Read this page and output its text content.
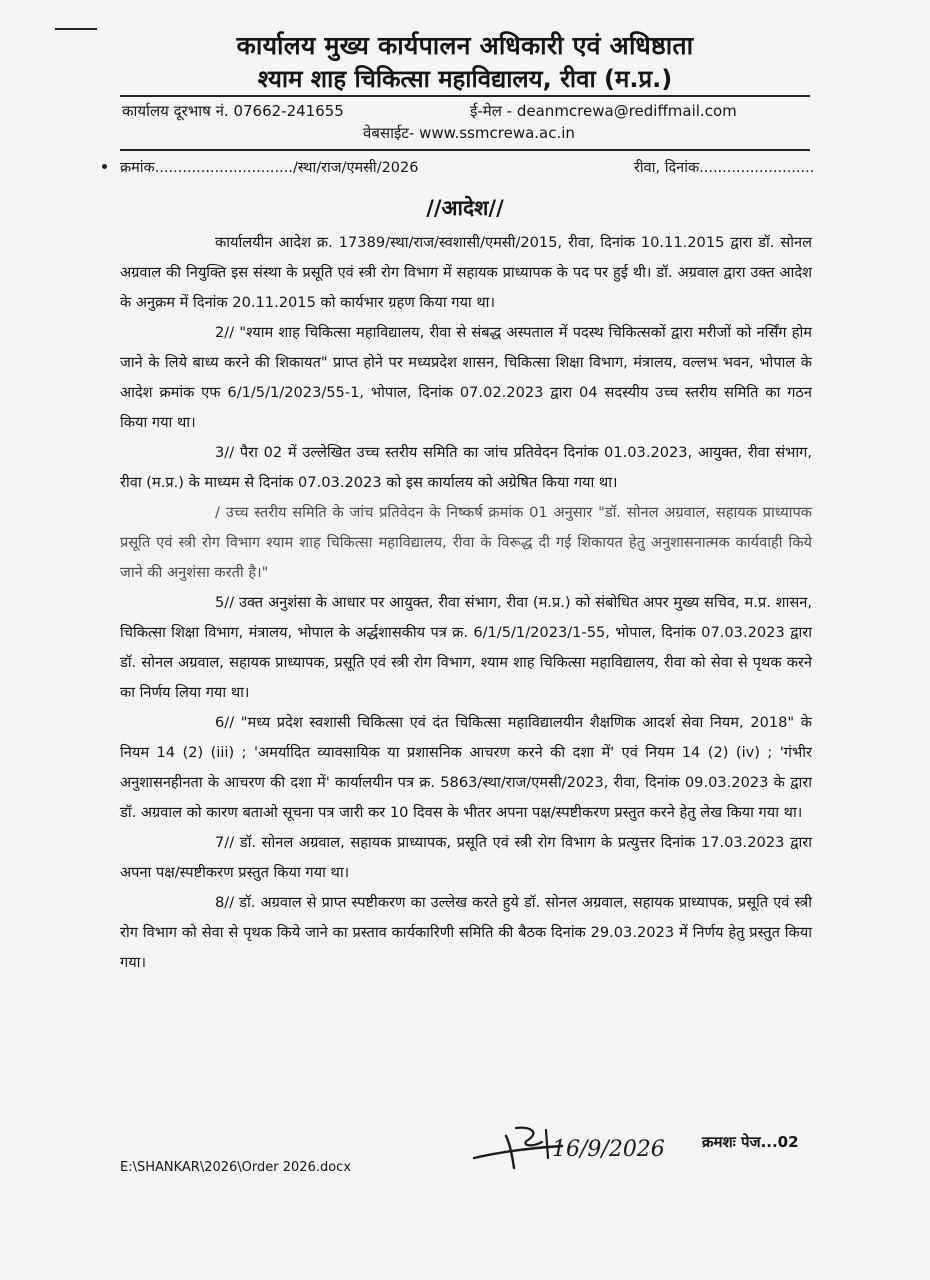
कार्यालय मुख्य कार्यपालन अधिकारी एवं अधिष्ठाता
श्याम शाह चिकित्सा महाविद्यालय, रीवा (म.प्र.)
कार्यालय दूरभाष नं. 07662-241655	ई-मेल - deanmcrewa@rediffmail.com
वेबसाईट- www.ssmcrewa.ac.in
क्रमांक............................../स्था/राज/एमसी/2026	रीवा, दिनांक.........................
//आदेश//

कार्यालयीन आदेश क्र. 17389/स्था/राज/स्वशासी/एमसी/2015, रीवा, दिनांक 10.11.2015 द्वारा डॉ. सोनल अग्रवाल की नियुक्ति इस संस्था के प्रसूति एवं स्त्री रोग विभाग में सहायक प्राध्यापक के पद पर हुई थी। डॉ. अग्रवाल द्वारा उक्त आदेश के अनुक्रम में दिनांक 20.11.2015 को कार्यभार ग्रहण किया गया था।

2// "श्याम शाह चिकित्सा महाविद्यालय, रीवा से संबद्ध अस्पताल में पदस्थ चिकित्सकों द्वारा मरीजों को नर्सिंग होम जाने के लिये बाध्य करने की शिकायत" प्राप्त होने पर मध्यप्रदेश शासन, चिकित्सा शिक्षा विभाग, मंत्रालय, वल्लभ भवन, भोपाल के आदेश क्रमांक एफ 6/1/5/1/2023/55-1, भोपाल, दिनांक 07.02.2023 द्वारा 04 सदस्यीय उच्च स्तरीय समिति का गठन किया गया था।

3// पैरा 02 में उल्लेखित उच्च स्तरीय समिति का जांच प्रतिवेदन दिनांक 01.03.2023, आयुक्त, रीवा संभाग, रीवा (म.प्र.) के माध्यम से दिनांक 07.03.2023 को इस कार्यालय को अग्रेषित किया गया था।

/ उच्च स्तरीय समिति के जांच प्रतिवेदन के निष्कर्ष क्रमांक 01 अनुसार "डॉ. सोनल अग्रवाल, सहायक प्राध्यापक प्रसूति एवं स्त्री रोग विभाग श्याम शाह चिकित्सा महाविद्यालय, रीवा के विरूद्ध दी गई शिकायत हेतु अनुशासनात्मक कार्यवाही किये जाने की अनुशंसा करती है।"

5// उक्त अनुशंसा के आधार पर आयुक्त, रीवा संभाग, रीवा (म.प्र.) को संबोधित अपर मुख्य सचिव, म.प्र. शासन, चिकित्सा शिक्षा विभाग, मंत्रालय, भोपाल के अर्द्धशासकीय पत्र क्र. 6/1/5/1/2023/1-55, भोपाल, दिनांक 07.03.2023 द्वारा डॉ. सोनल अग्रवाल, सहायक प्राध्यापक, प्रसूति एवं स्त्री रोग विभाग, श्याम शाह चिकित्सा महाविद्यालय, रीवा को सेवा से पृथक करने का निर्णय लिया गया था।

6// "मध्य प्रदेश स्वशासी चिकित्सा एवं दंत चिकित्सा महाविद्यालयीन शैक्षणिक आदर्श सेवा नियम, 2018" के नियम 14 (2) (iii) ; 'अमर्यादित व्यावसायिक या प्रशासनिक आचरण करने की दशा में' एवं नियम 14 (2) (iv) ; 'गंभीर अनुशासनहीनता के आचरण की दशा में' कार्यालयीन पत्र क्र. 5863/स्था/राज/एमसी/2023, रीवा, दिनांक 09.03.2023 के द्वारा डॉ. अग्रवाल को कारण बताओ सूचना पत्र जारी कर 10 दिवस के भीतर अपना पक्ष/स्पष्टीकरण प्रस्तुत करने हेतु लेख किया गया था।

7// डॉ. सोनल अग्रवाल, सहायक प्राध्यापक, प्रसूति एवं स्त्री रोग विभाग के प्रत्युत्तर दिनांक 17.03.2023 द्वारा अपना पक्ष/स्पष्टीकरण प्रस्तुत किया गया था।

8// डॉ. अग्रवाल से प्राप्त स्पष्टीकरण का उल्लेख करते हुये डॉ. सोनल अग्रवाल, सहायक प्राध्यापक, प्रसूति एवं स्त्री रोग विभाग को सेवा से पृथक किये जाने का प्रस्ताव कार्यकारिणी समिति की बैठक दिनांक 29.03.2023 में निर्णय हेतु प्रस्तुत किया गया।

16/9/2026 क्रमशः पेज...02
E:\SHANKAR\2026\Order 2026.docx
